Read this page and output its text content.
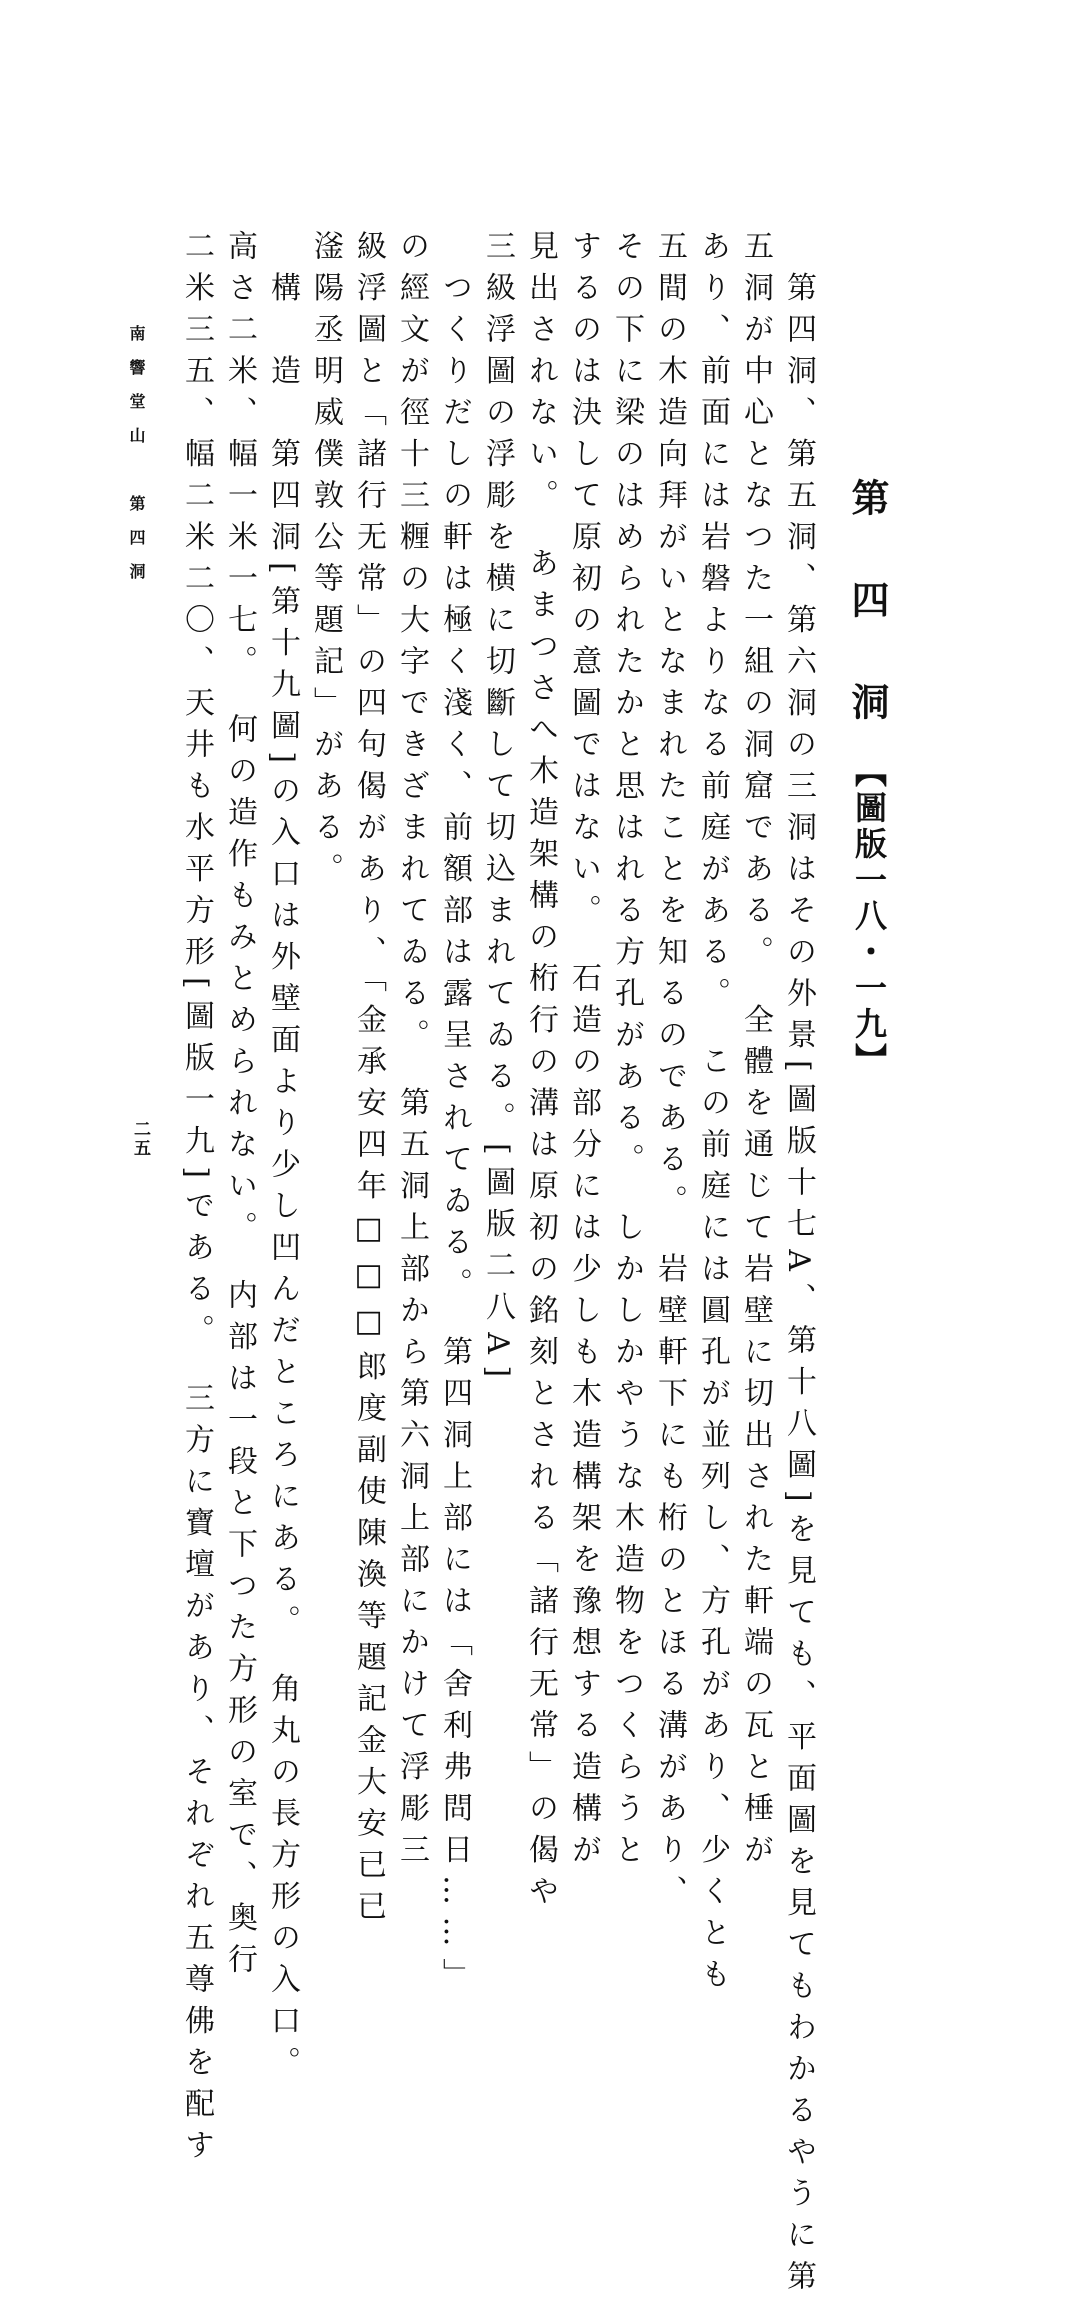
第四洞
【圖版一八・一九】
　第四洞、第五洞、第六洞の三洞はその外景[圖版十七A、第十八圖]を見ても、平面圖を見てもわかるやうに第
五洞が中心となつた一組の洞窟である。　全體を通じて岩壁に切出された軒端の瓦と棰が
あり、前面には岩磐よりなる前庭がある。　この前庭には圓孔が並列し、方孔があり、少くとも
五間の木造向拜がいとなまれたことを知るのである。　岩壁軒下にも桁のとほる溝があり、
その下に梁のはめられたかと思はれる方孔がある。　しかしかやうな木造物をつくらうと
するのは決して原初の意圖ではない。　石造の部分には少しも木造構架を豫想する造構が
見出されない。　あまつさへ木造架構の桁行の溝は原初の銘刻とされる「諸行无常」の偈や
三級浮圖の浮彫を横に切斷して切込まれてゐる。[圖版二八A]
　つくりだしの軒は極く淺く、前額部は露呈されてゐる。　第四洞上部には「舍利弗問日……」
の經文が徑十三糎の大字できざまれてゐる。　第五洞上部から第六洞上部にかけて浮彫三
級浮圖と「諸行无常」の四句偈があり、「金承安四年□□□郎度副使陳渙等題記金大安已已
滏陽丞明威僕敦公等題記」がある。
　構　造　第四洞[第十九圖]の入口は外壁面より少し凹んだところにある。　角丸の長方形の入口。
高さ二米、幅一米一七。　何の造作もみとめられない。　内部は一段と下つた方形の室で、奥行
二米三五、幅二米二〇、天井も水平方形[圖版一九]である。　三方に寶壇があり、それぞれ五尊佛を配す
南響堂山　第四洞
二五
